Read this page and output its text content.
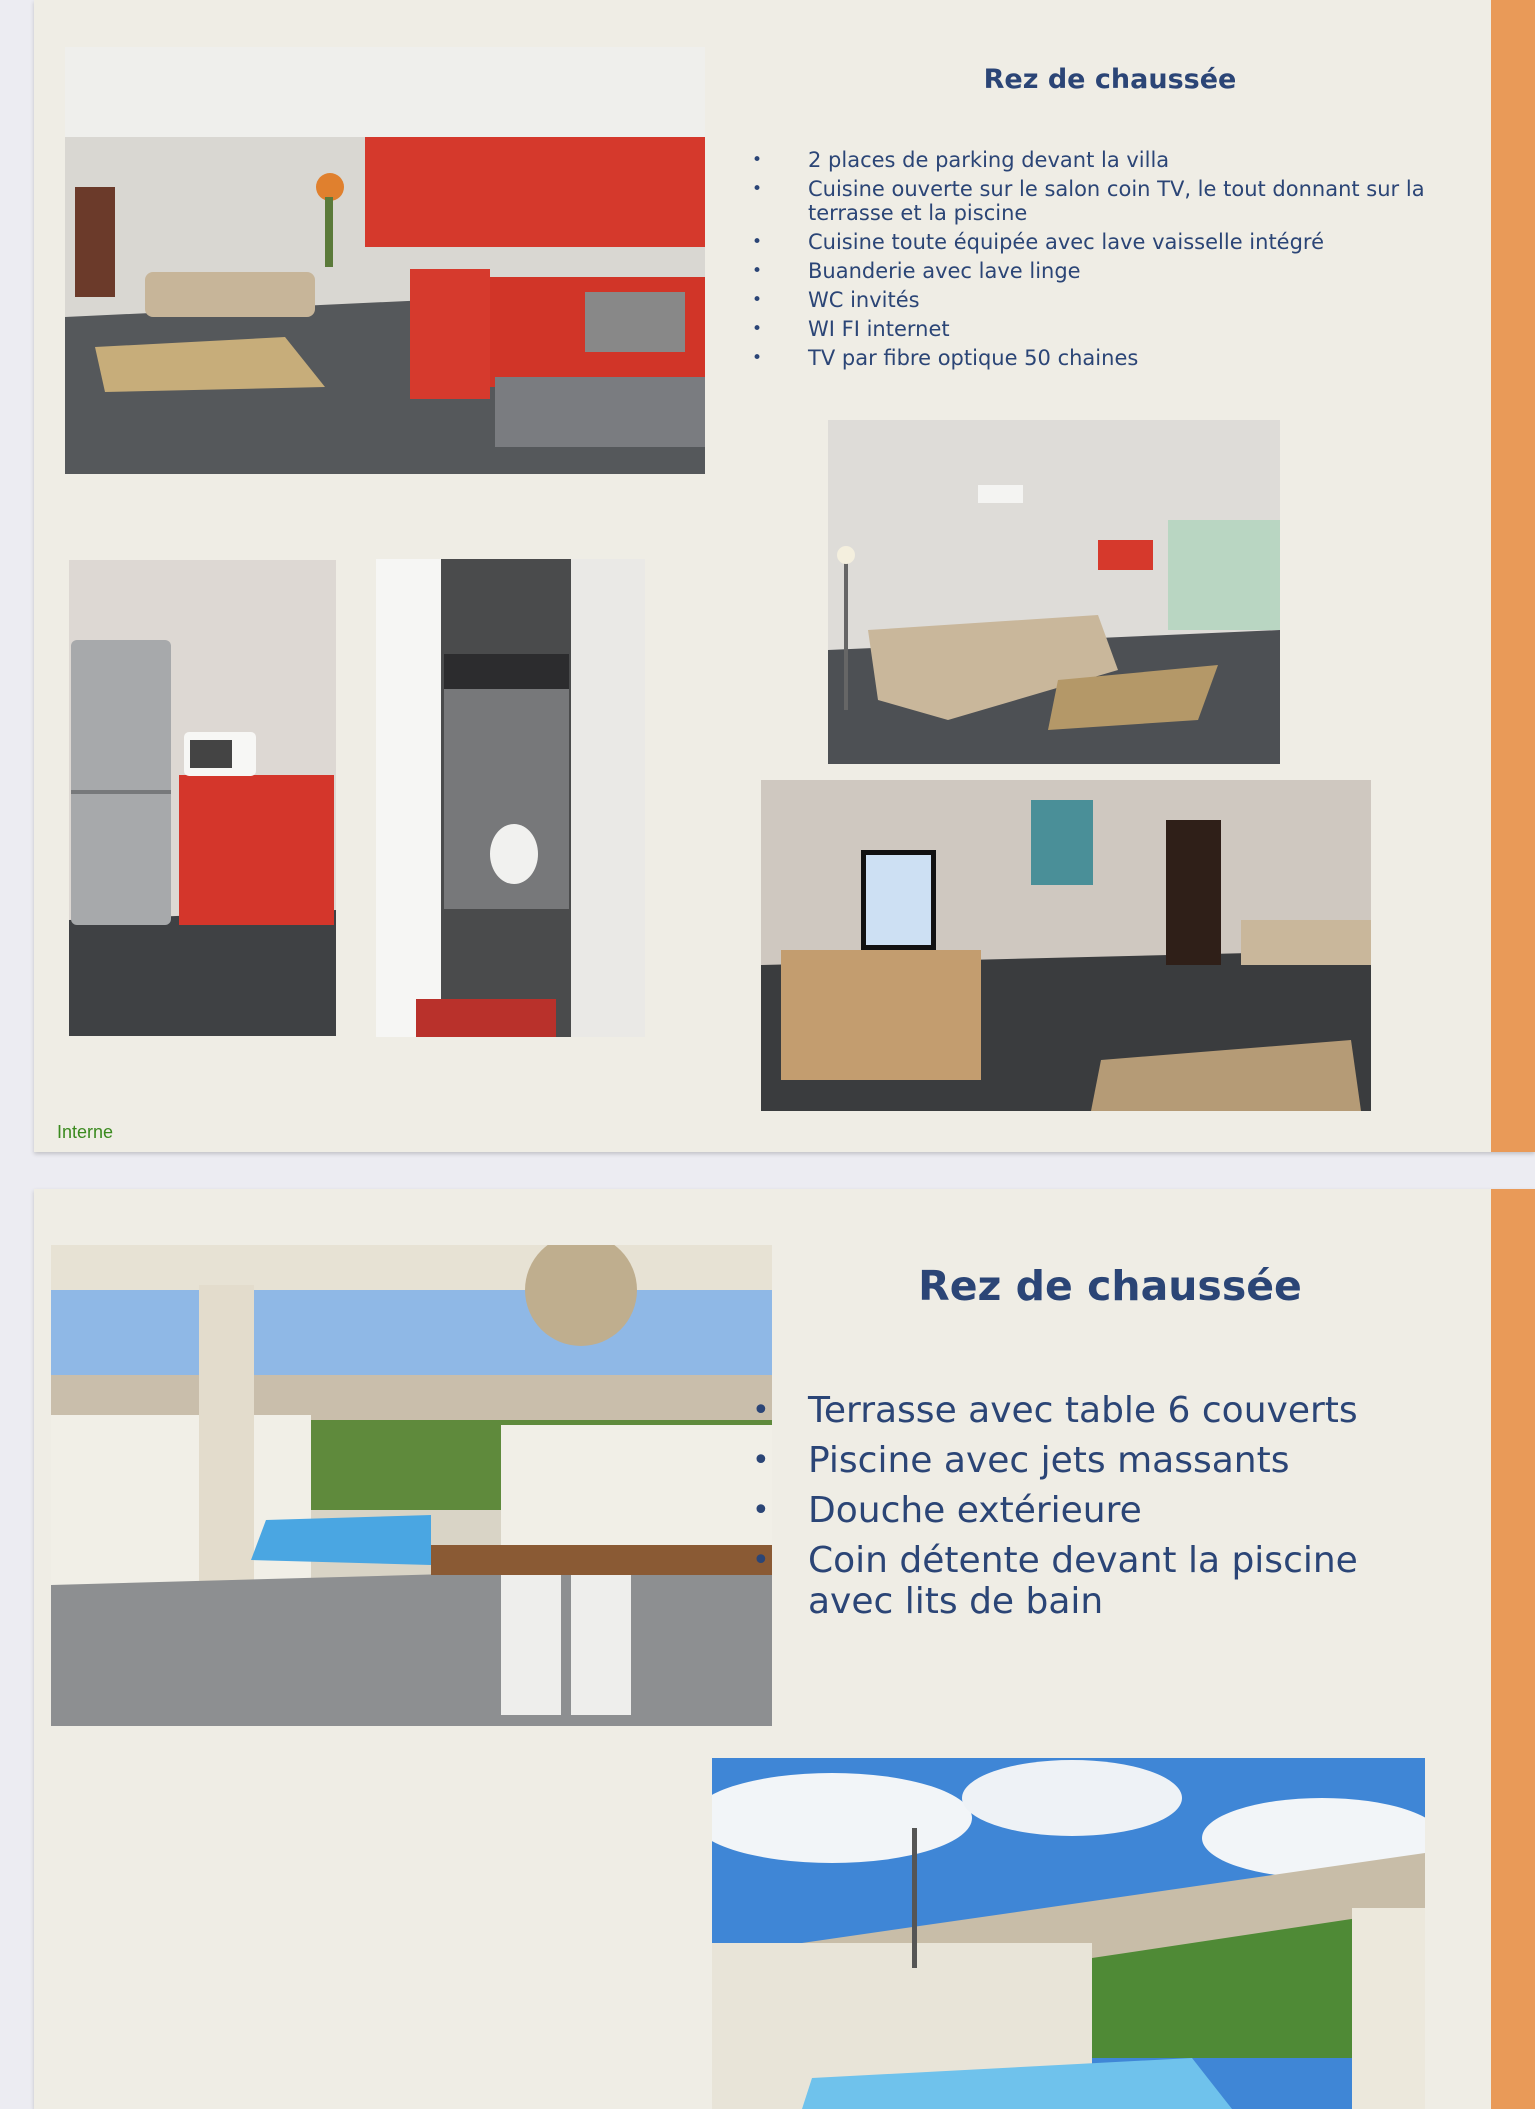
Rez de chaussée
• 2 places de parking devant la villa
• Cuisine ouverte sur le salon coin TV, le tout donnant sur la terrasse et la piscine
• Cuisine toute équipée avec lave vaisselle intégré
• Buanderie avec lave linge
• WC invités
• WI FI internet
• TV par fibre optique 50 chaines

Interne

Rez de chaussée
• Terrasse avec table 6 couverts
• Piscine avec jets massants
• Douche extérieure
• Coin détente devant la piscine avec lits de bain
